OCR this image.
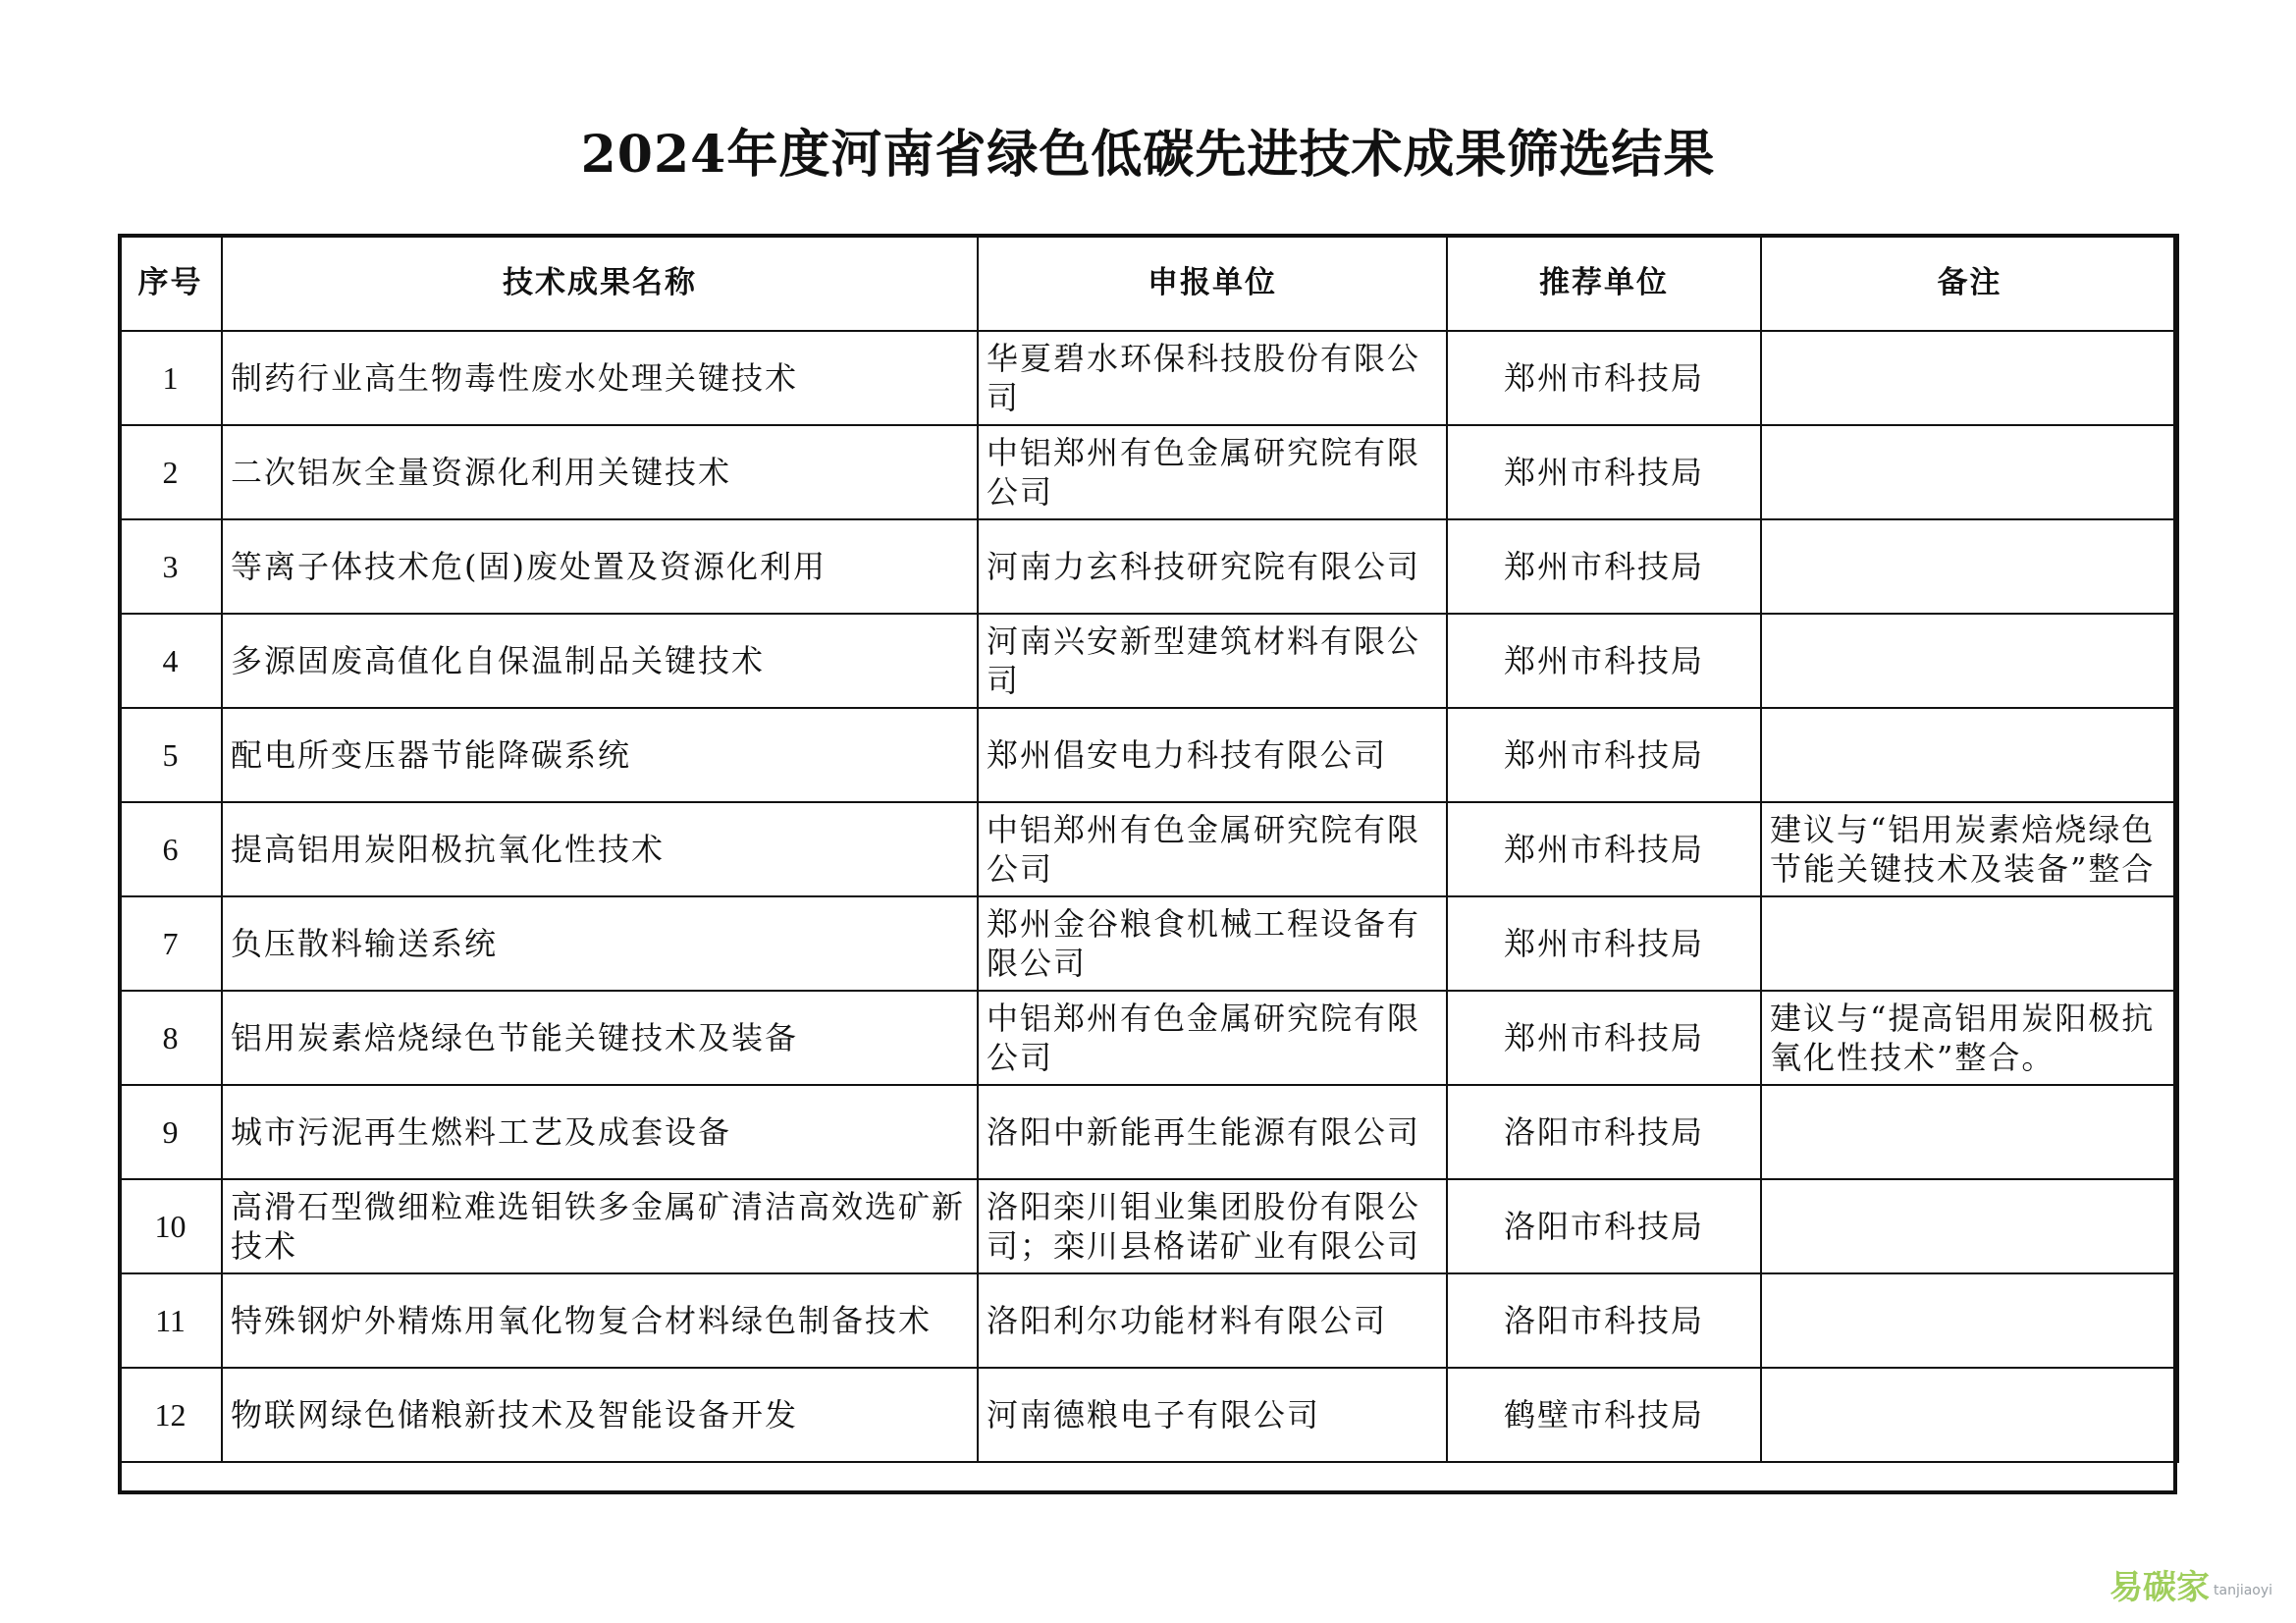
2024年度河南省绿色低碳先进技术成果筛选结果
序号	技术成果名称	申报单位	推荐单位	备注
1	制药行业高生物毒性废水处理关键技术	华夏碧水环保科技股份有限公司	郑州市科技局	
2	二次铝灰全量资源化利用关键技术	中铝郑州有色金属研究院有限公司	郑州市科技局	
3	等离子体技术危(固)废处置及资源化利用	河南力玄科技研究院有限公司	郑州市科技局	
4	多源固废高值化自保温制品关键技术	河南兴安新型建筑材料有限公司	郑州市科技局	
5	配电所变压器节能降碳系统	郑州倡安电力科技有限公司	郑州市科技局	
6	提高铝用炭阳极抗氧化性技术	中铝郑州有色金属研究院有限公司	郑州市科技局	建议与“铝用炭素焙烧绿色节能关键技术及装备”整合
7	负压散料输送系统	郑州金谷粮食机械工程设备有限公司	郑州市科技局	
8	铝用炭素焙烧绿色节能关键技术及装备	中铝郑州有色金属研究院有限公司	郑州市科技局	建议与“提高铝用炭阳极抗氧化性技术”整合。
9	城市污泥再生燃料工艺及成套设备	洛阳中新能再生能源有限公司	洛阳市科技局	
10	高滑石型微细粒难选钼铁多金属矿清洁高效选矿新技术	洛阳栾川钼业集团股份有限公司；栾川县格诺矿业有限公司	洛阳市科技局	
11	特殊钢炉外精炼用氧化物复合材料绿色制备技术	洛阳利尔功能材料有限公司	洛阳市科技局	
12	物联网绿色储粮新技术及智能设备开发	河南德粮电子有限公司	鹤壁市科技局	
易碳家 tanjiaoyi
